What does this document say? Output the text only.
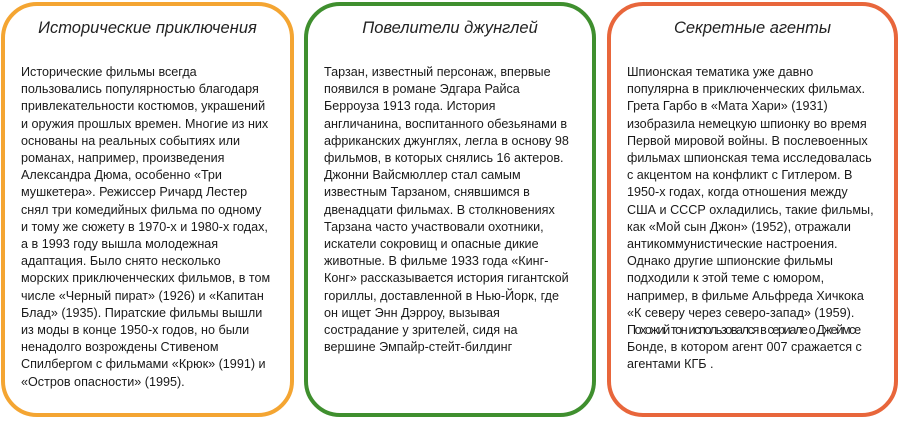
Исторические приключения

Исторические фильмы всегда
пользовались популярностью благодаря
привлекательности костюмов, украшений
и оружия прошлых времен. Многие из них
основаны на реальных событиях или
романах, например, произведения
Александра Дюма, особенно «Три
мушкетера». Режиссер Ричард Лестер
снял три комедийных фильма по одному
и тому же сюжету в 1970-х и 1980-х годах,
а в 1993 году вышла молодежная
адаптация. Было снято несколько
морских приключенческих фильмов, в том
числе «Черный пират» (1926) и «Капитан
Блад» (1935). Пиратские фильмы вышли
из моды в конце 1950-х годов, но были
ненадолго возрождены Стивеном
Спилбергом с фильмами «Крюк» (1991) и
«Остров опасности» (1995).

Повелители джунглей

Тарзан, известный персонаж, впервые
появился в романе Эдгара Райса
Берроуза 1913 года. История
англичанина, воспитанного обезьянами в
африканских джунглях, легла в основу 98
фильмов, в которых снялись 16 актеров.
Джонни Вайсмюллер стал самым
известным Тарзаном, снявшимся в
двенадцати фильмах. В столкновениях
Тарзана часто участвовали охотники,
искатели сокровищ и опасные дикие
животные. В фильме 1933 года «Кинг-
Конг» рассказывается история гигантской
гориллы, доставленной в Нью-Йорк, где
он ищет Энн Дэрроу, вызывая
сострадание у зрителей, сидя на
вершине Эмпайр-стейт-билдинг

Секретные агенты

Шпионская тематика уже давно
популярна в приключенческих фильмах.
Грета Гарбо в «Мата Хари» (1931)
изобразила немецкую шпионку во время
Первой мировой войны. В послевоенных
фильмах шпионская тема исследовалась
с акцентом на конфликт с Гитлером. В
1950-х годах, когда отношения между
США и СССР охладились, такие фильмы,
как «Мой сын Джон» (1952), отражали
антикоммунистические настроения.
Однако другие шпионские фильмы
подходили к этой теме с юмором,
например, в фильме Альфреда Хичкока
«К северу через северо-запад» (1959).
Похожий тон использовался в сериале о Джеймсе
Бонде, в котором агент 007 сражается с
агентами КГБ .
